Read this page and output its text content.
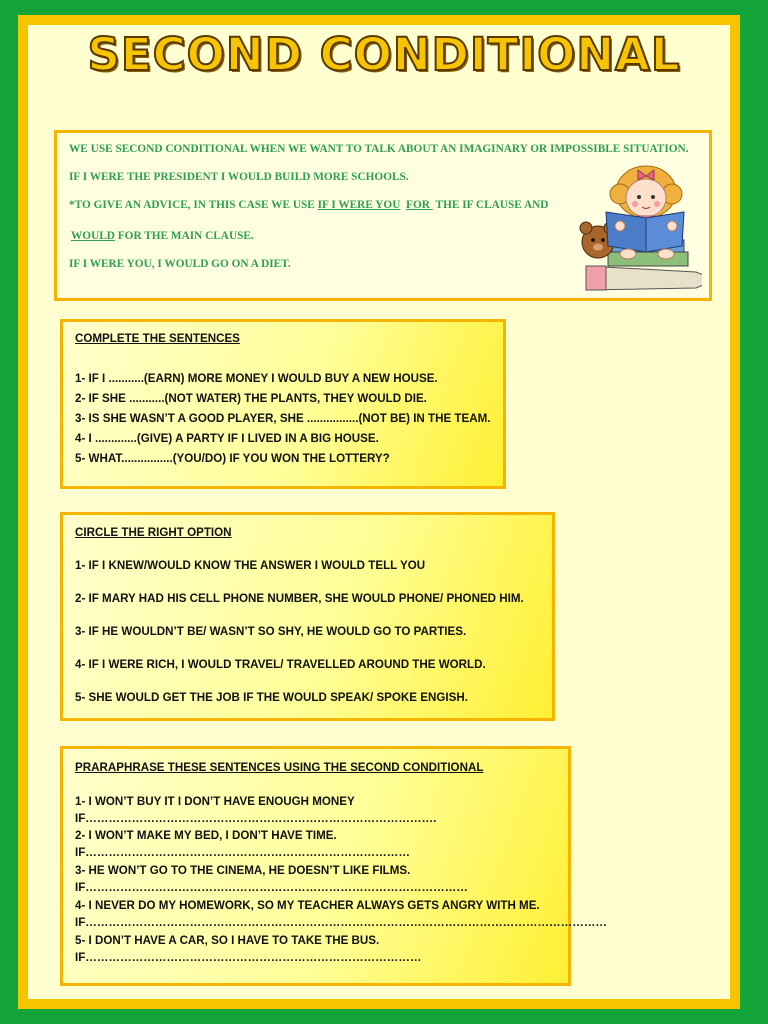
SECOND CONDITIONAL

WE USE SECOND CONDITIONAL WHEN WE WANT TO TALK ABOUT AN IMAGINARY OR IMPOSSIBLE SITUATION.

IF I WERE THE PRESIDENT I WOULD BUILD MORE SCHOOLS.

*TO GIVE AN ADVICE, IN THIS CASE WE USE IF I WERE YOU FOR  THE IF CLAUSE AND

WOULD FOR THE MAIN CLAUSE.

IF I WERE YOU, I WOULD GO ON A DIET.

COMPLETE THE SENTENCES

1- IF I ...........(EARN) MORE MONEY I WOULD BUY A NEW HOUSE.

2- IF SHE ...........(NOT WATER) THE PLANTS, THEY WOULD DIE.

3- IS SHE WASN’T A GOOD PLAYER, SHE ................(NOT BE) IN THE TEAM.

4- I .............(GIVE) A PARTY IF I LIVED IN A BIG HOUSE.

5- WHAT................(YOU/DO) IF YOU WON THE LOTTERY?

CIRCLE THE RIGHT OPTION

1- IF I KNEW/WOULD KNOW THE ANSWER I WOULD TELL YOU

2- IF MARY HAD HIS CELL PHONE NUMBER, SHE WOULD PHONE/ PHONED HIM.

3- IF HE WOULDN’T BE/ WASN’T SO SHY, HE WOULD GO TO PARTIES.

4- IF I WERE RICH, I WOULD TRAVEL/ TRAVELLED AROUND THE WORLD.

5- SHE WOULD GET THE JOB IF THE WOULD SPEAK/ SPOKE ENGISH.

PRARAPHRASE THESE SENTENCES USING THE SECOND CONDITIONAL

1- I WON’T BUY IT I DON’T HAVE ENOUGH MONEY

IF……………………………………………………………………………….

2- I WON’T MAKE MY BED, I DON’T HAVE TIME.

IF…………………………………………………………………………

3- HE WON’T GO TO THE CINEMA, HE DOESN’T LIKE FILMS.

IF………………………………………………………………………………………

4- I NEVER DO MY HOMEWORK, SO MY TEACHER ALWAYS GETS ANGRY WITH ME.

IF………………………………………………………………………………………………………………………

5- I DON’T HAVE A CAR, SO I HAVE TO TAKE THE BUS.

IF……………………………………………………………………………
